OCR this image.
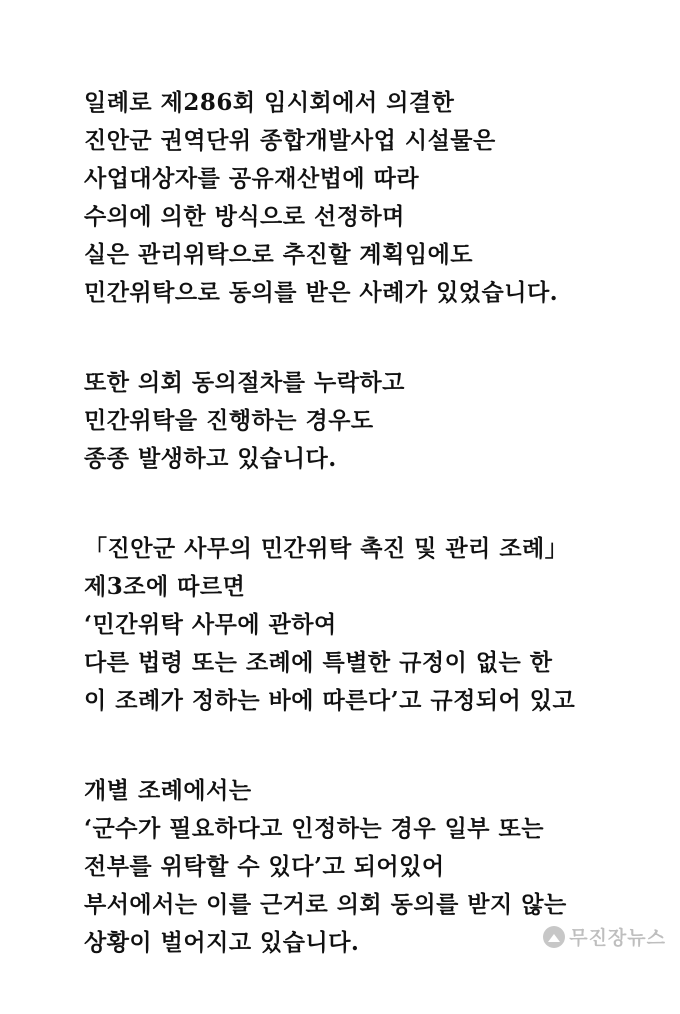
일례로 제286회 임시회에서 의결한
진안군 권역단위 종합개발사업 시설물은
사업대상자를 공유재산법에 따라
수의에 의한 방식으로 선정하며
실은 관리위탁으로 추진할 계획임에도
민간위탁으로 동의를 받은 사례가 있었습니다.
또한 의회 동의절차를 누락하고
민간위탁을 진행하는 경우도
종종 발생하고 있습니다.
「진안군 사무의 민간위탁 촉진 및 관리 조례」
제3조에 따르면
‘민간위탁 사무에 관하여
다른 법령 또는 조례에 특별한 규정이 없는 한
이 조례가 정하는 바에 따른다’고 규정되어 있고
개별 조례에서는
‘군수가 필요하다고 인정하는 경우 일부 또는
전부를 위탁할 수 있다’고 되어있어
부서에서는 이를 근거로 의회 동의를 받지 않는
상황이 벌어지고 있습니다.	무진장뉴스
